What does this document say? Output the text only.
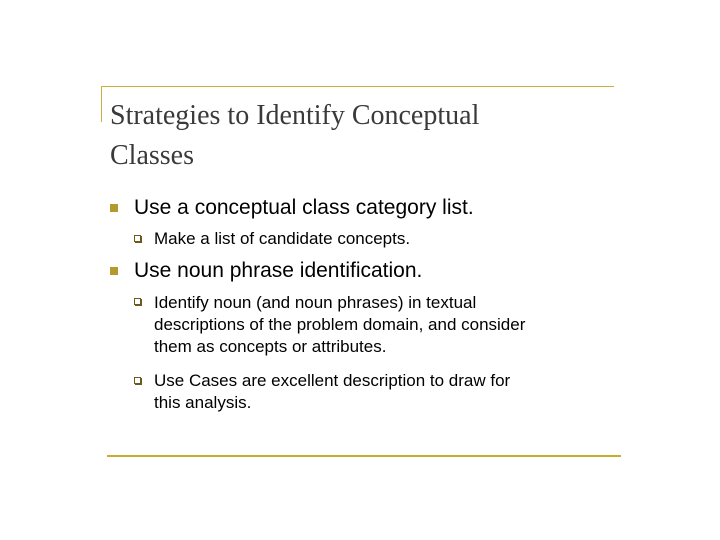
Strategies to Identify Conceptual Classes
Use a conceptual class category list.
Make a list of candidate concepts.
Use noun phrase identification.
Identify noun (and noun phrases) in textual
descriptions of the problem domain, and consider
them as concepts or attributes.
Use Cases are excellent description to draw for
this analysis.
